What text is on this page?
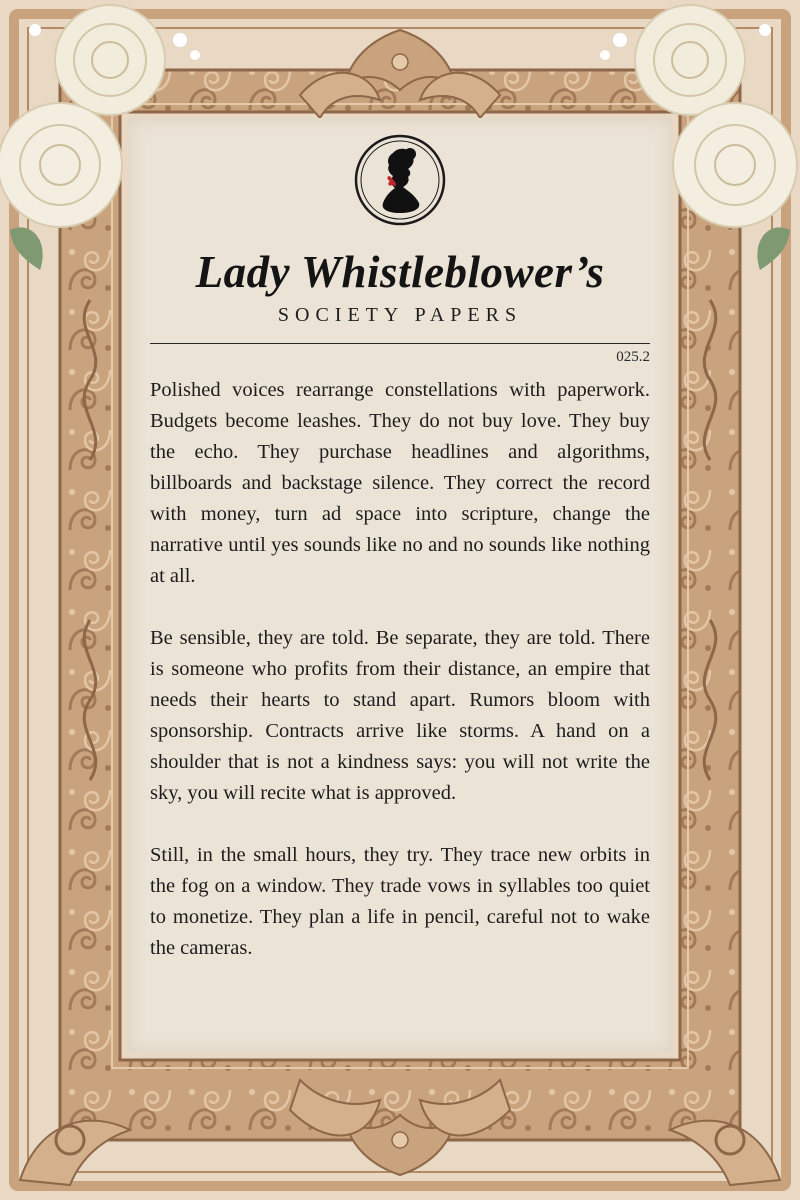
Lady Whistleblower’s
SOCIETY PAPERS
025.2

Polished voices rearrange constellations with paperwork. Budgets become leashes. They do not buy love. They buy the echo. They purchase headlines and algorithms, billboards and backstage silence. They correct the record with money, turn ad space into scripture, change the narrative until yes sounds like no and no sounds like nothing at all.

Be sensible, they are told. Be separate, they are told. There is someone who profits from their distance, an empire that needs their hearts to stand apart. Rumors bloom with sponsorship. Contracts arrive like storms. A hand on a shoulder that is not a kindness says: you will not write the sky, you will recite what is approved.

Still, in the small hours, they try. They trace new orbits in the fog on a window. They trade vows in syllables too quiet to monetize. They plan a life in pencil, careful not to wake the cameras.
